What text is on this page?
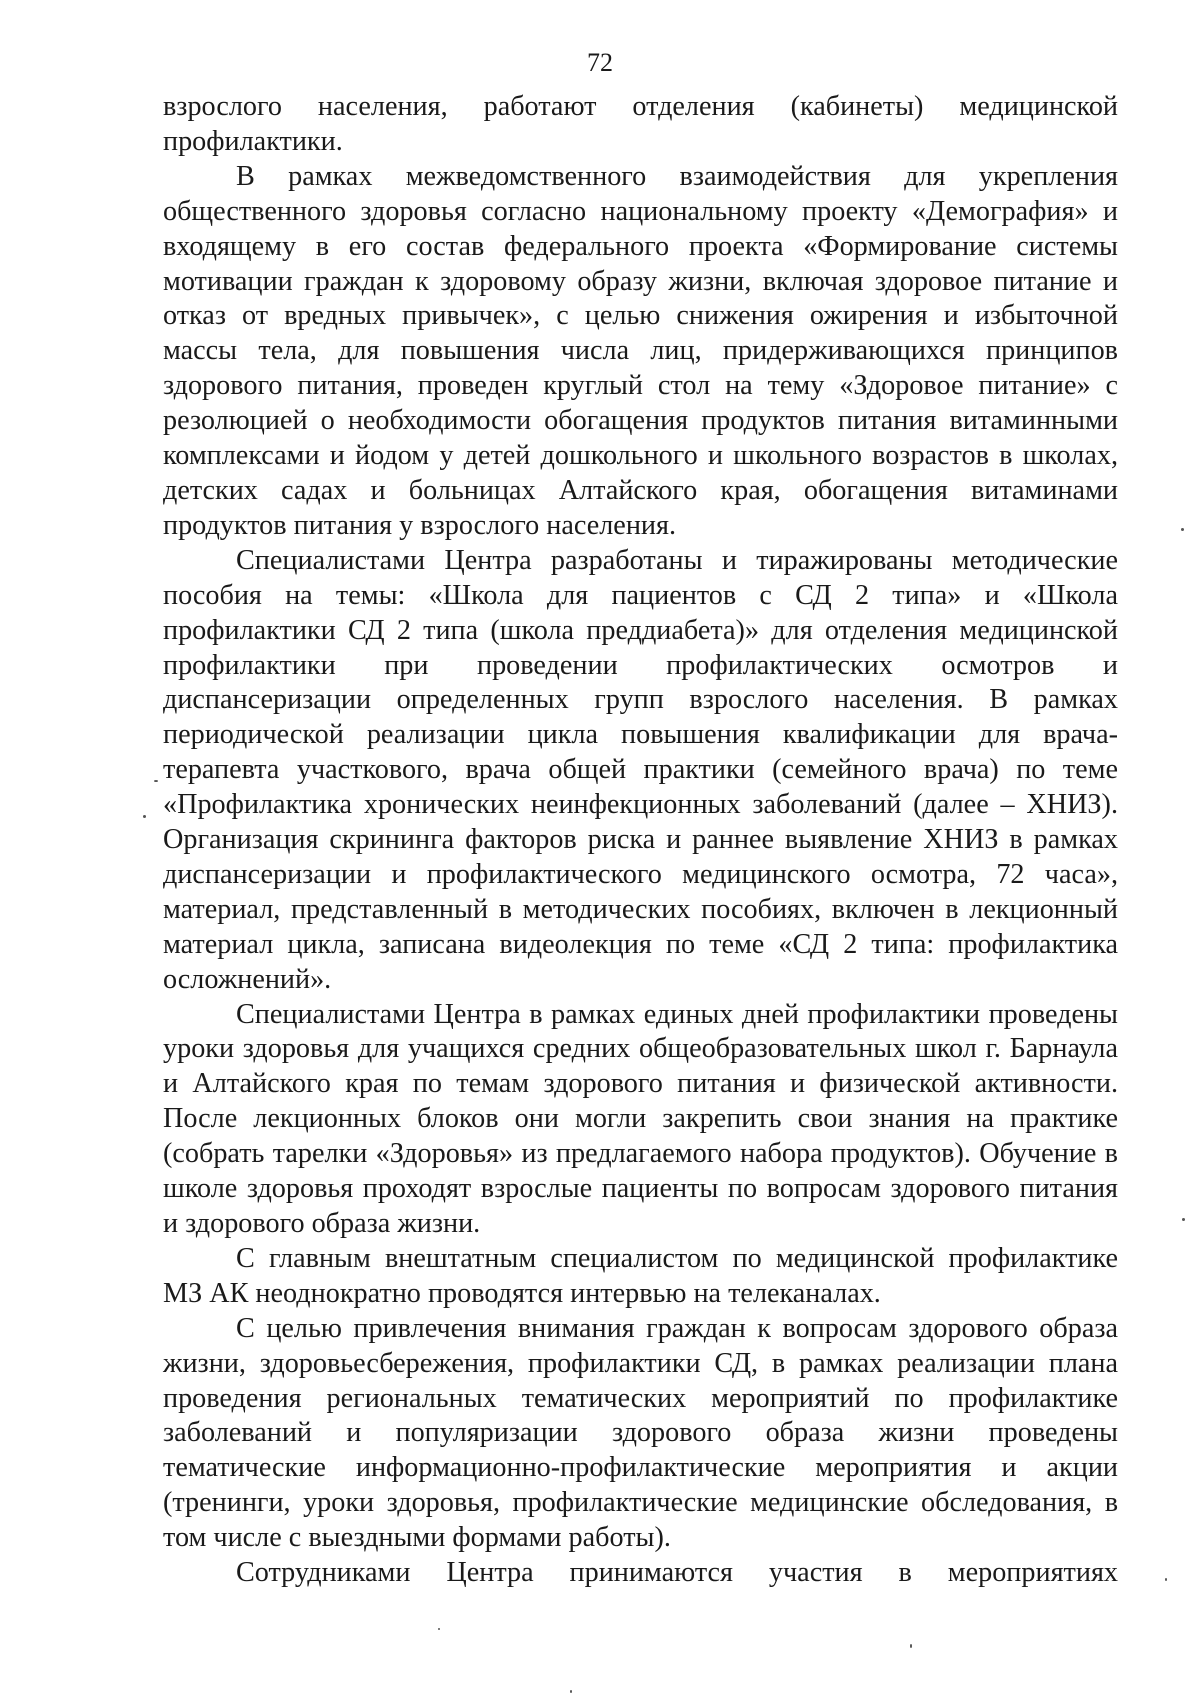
72

взрослого населения, работают отделения (кабинеты) медицинской профилактики.

В рамках межведомственного взаимодействия для укрепления общественного здоровья согласно национальному проекту «Демография» и входящему в его состав федерального проекта «Формирование системы мотивации граждан к здоровому образу жизни, включая здоровое питание и отказ от вредных привычек», с целью снижения ожирения и избыточной массы тела, для повышения числа лиц, придерживающихся принципов здорового питания, проведен круглый стол на тему «Здоровое питание» с резолюцией о необходимости обогащения продуктов питания витаминными комплексами и йодом у детей дошкольного и школьного возрастов в школах, детских садах и больницах Алтайского края, обогащения витаминами продуктов питания у взрослого населения.

Специалистами Центра разработаны и тиражированы методические пособия на темы: «Школа для пациентов с СД 2 типа» и «Школа профилактики СД 2 типа (школа преддиабета)» для отделения медицинской профилактики при проведении профилактических осмотров и диспансеризации определенных групп взрослого населения. В рамках периодической реализации цикла повышения квалификации для врача-терапевта участкового, врача общей практики (семейного врача) по теме «Профилактика хронических неинфекционных заболеваний (далее – ХНИЗ). Организация скрининга факторов риска и раннее выявление ХНИЗ в рамках диспансеризации и профилактического медицинского осмотра, 72 часа», материал, представленный в методических пособиях, включен в лекционный материал цикла, записана видеолекция по теме «СД 2 типа: профилактика осложнений».

Специалистами Центра в рамках единых дней профилактики проведены уроки здоровья для учащихся средних общеобразовательных школ г. Барнаула и Алтайского края по темам здорового питания и физической активности. После лекционных блоков они могли закрепить свои знания на практике (собрать тарелки «Здоровья» из предлагаемого набора продуктов). Обучение в школе здоровья проходят взрослые пациенты по вопросам здорового питания и здорового образа жизни.

С главным внештатным специалистом по медицинской профилактике МЗ АК неоднократно проводятся интервью на телеканалах.

С целью привлечения внимания граждан к вопросам здорового образа жизни, здоровьесбережения, профилактики СД, в рамках реализации плана проведения региональных тематических мероприятий по профилактике заболеваний и популяризации здорового образа жизни проведены тематические информационно-профилактические мероприятия и акции (тренинги, уроки здоровья, профилактические медицинские обследования, в том числе с выездными формами работы).

Сотрудниками Центра принимаются участия в мероприятиях
